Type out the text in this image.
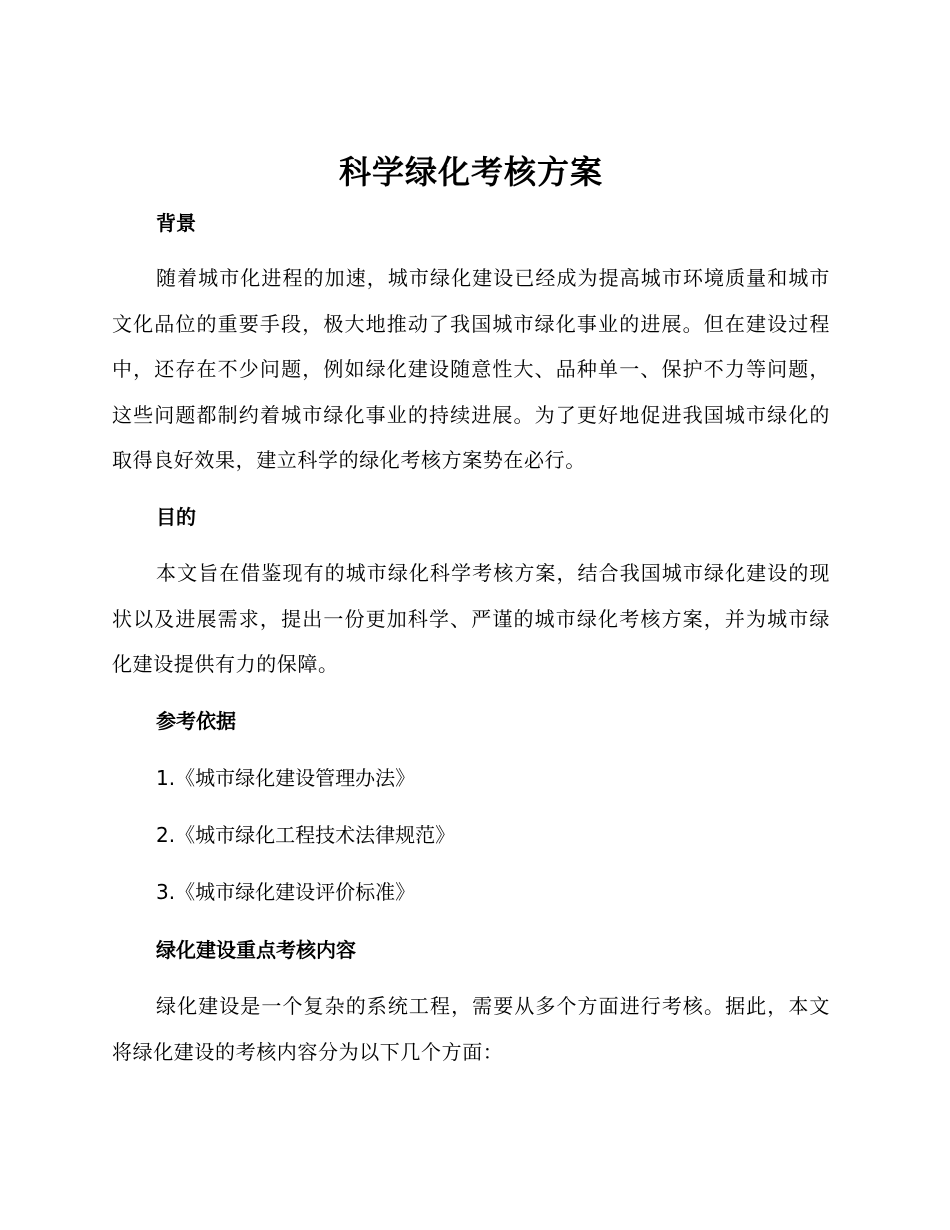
科学绿化考核方案
背景
随着城市化进程的加速，城市绿化建设已经成为提高城市环境质量和城市文化品位的重要手段，极大地推动了我国城市绿化事业的进展。但在建设过程中，还存在不少问题，例如绿化建设随意性大、品种单一、保护不力等问题，这些问题都制约着城市绿化事业的持续进展。为了更好地促进我国城市绿化的取得良好效果，建立科学的绿化考核方案势在必行。
目的
本文旨在借鉴现有的城市绿化科学考核方案，结合我国城市绿化建设的现状以及进展需求，提出一份更加科学、严谨的城市绿化考核方案，并为城市绿化建设提供有力的保障。
参考依据
1.《城市绿化建设管理办法》
2.《城市绿化工程技术法律规范》
3.《城市绿化建设评价标准》
绿化建设重点考核内容
绿化建设是一个复杂的系统工程，需要从多个方面进行考核。据此，本文将绿化建设的考核内容分为以下几个方面：
